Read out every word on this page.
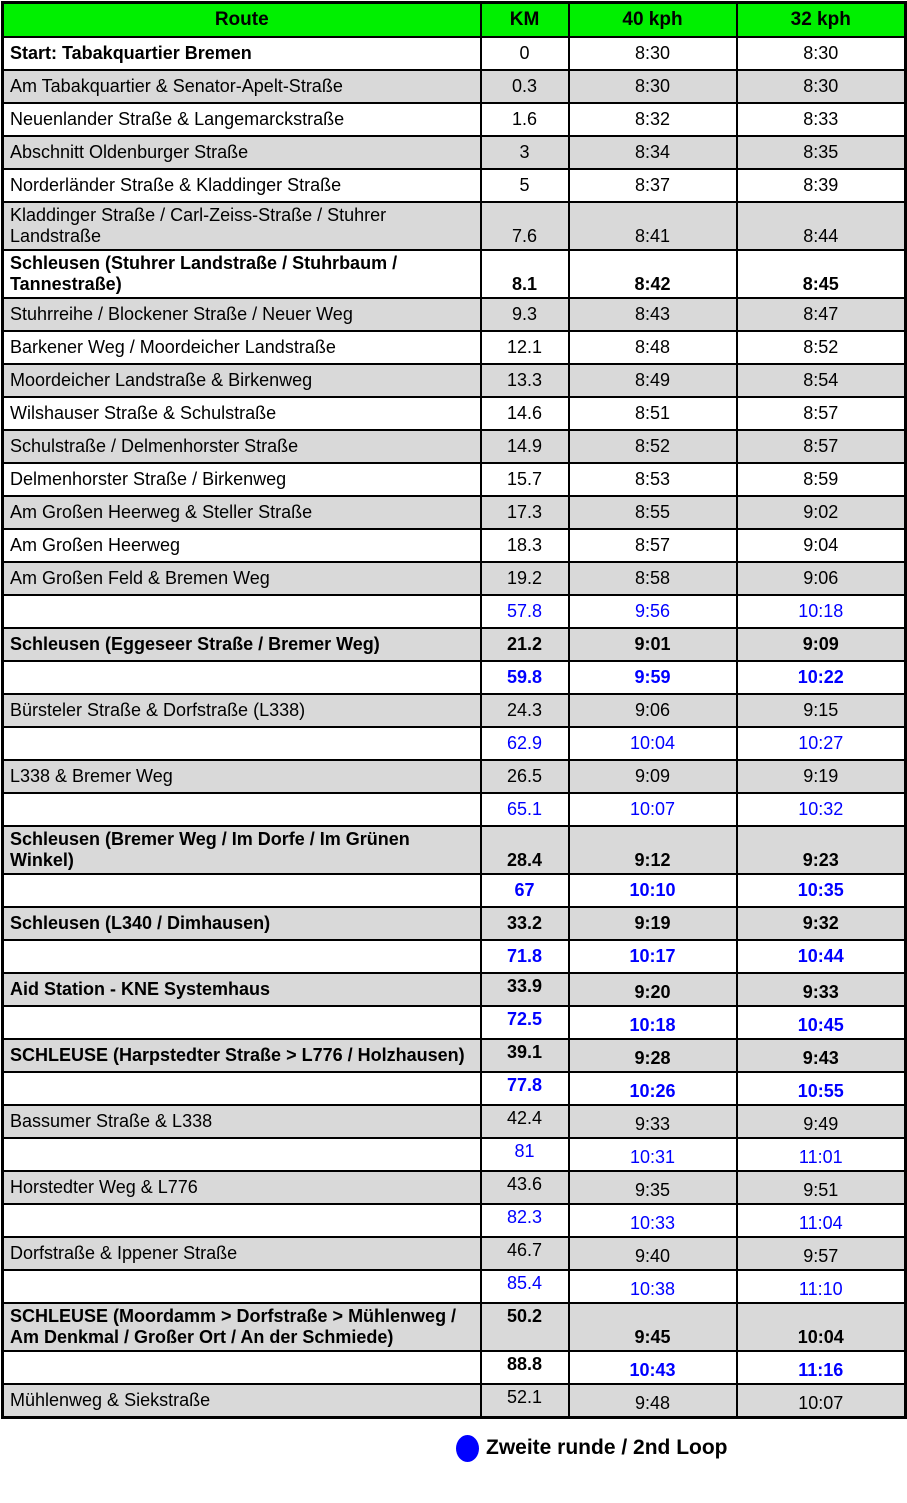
Route	KM	40 kph	32 kph
Start: Tabakquartier Bremen	0	8:30	8:30
Am Tabakquartier & Senator-Apelt-Straße	0.3	8:30	8:30
Neuenlander Straße & Langemarckstraße	1.6	8:32	8:33
Abschnitt Oldenburger Straße	3	8:34	8:35
Norderländer Straße & Kladdinger Straße	5	8:37	8:39
Kladdinger Straße / Carl-Zeiss-Straße / Stuhrer Landstraße	7.6	8:41	8:44
Schleusen (Stuhrer Landstraße / Stuhrbaum / Tannestraße)	8.1	8:42	8:45
Stuhrreihe / Blockener Straße / Neuer Weg	9.3	8:43	8:47
Barkener Weg / Moordeicher Landstraße	12.1	8:48	8:52
Moordeicher Landstraße & Birkenweg	13.3	8:49	8:54
Wilshauser Straße & Schulstraße	14.6	8:51	8:57
Schulstraße / Delmenhorster Straße	14.9	8:52	8:57
Delmenhorster Straße / Birkenweg	15.7	8:53	8:59
Am Großen Heerweg & Steller Straße	17.3	8:55	9:02
Am Großen Heerweg	18.3	8:57	9:04
Am Großen Feld & Bremen Weg	19.2	8:58	9:06
	57.8	9:56	10:18
Schleusen (Eggeseer Straße / Bremer Weg)	21.2	9:01	9:09
	59.8	9:59	10:22
Bürsteler Straße & Dorfstraße (L338)	24.3	9:06	9:15
	62.9	10:04	10:27
L338 & Bremer Weg	26.5	9:09	9:19
	65.1	10:07	10:32
Schleusen (Bremer Weg / Im Dorfe / Im Grünen Winkel)	28.4	9:12	9:23
	67	10:10	10:35
Schleusen (L340 / Dimhausen)	33.2	9:19	9:32
	71.8	10:17	10:44
Aid Station - KNE Systemhaus	33.9	9:20	9:33
	72.5	10:18	10:45
SCHLEUSE (Harpstedter Straße > L776 / Holzhausen)	39.1	9:28	9:43
	77.8	10:26	10:55
Bassumer Straße & L338	42.4	9:33	9:49
	81	10:31	11:01
Horstedter Weg & L776	43.6	9:35	9:51
	82.3	10:33	11:04
Dorfstraße & Ippener Straße	46.7	9:40	9:57
	85.4	10:38	11:10
SCHLEUSE (Moordamm > Dorfstraße > Mühlenweg / Am Denkmal / Großer Ort / An der Schmiede)	50.2	9:45	10:04
	88.8	10:43	11:16
Mühlenweg & Siekstraße	52.1	9:48	10:07
Zweite runde / 2nd Loop
